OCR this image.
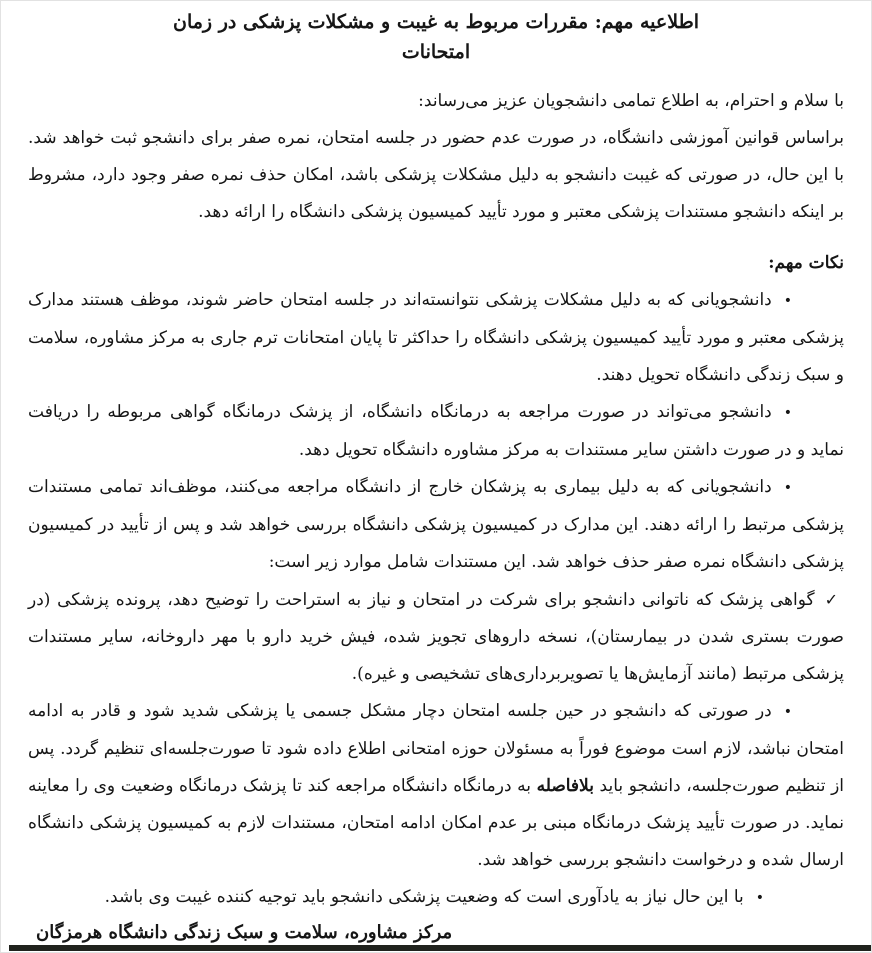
اطلاعیه مهم: مقررات مربوط به غیبت و مشکلات پزشکی در زمان
امتحانات

با سلام و احترام، به اطلاع تمامی دانشجویان عزیز می‌رساند:

براساس قوانین آموزشی دانشگاه، در صورت عدم حضور در جلسه امتحان، نمره صفر برای دانشجو ثبت خواهد شد. با این حال، در صورتی که غیبت دانشجو به دلیل مشکلات پزشکی باشد، امکان حذف نمره صفر وجود دارد، مشروط بر اینکه دانشجو مستندات پزشکی معتبر و مورد تأیید کمیسیون پزشکی دانشگاه را ارائه دهد.

نکات مهم:
•دانشجویانی که به دلیل مشکلات پزشکی نتوانسته‌اند در جلسه امتحان حاضر شوند، موظف هستند مدارک پزشکی معتبر و مورد تأیید کمیسیون پزشکی دانشگاه را حداکثر تا پایان امتحانات ترم جاری به مرکز مشاوره، سلامت و سبک زندگی دانشگاه تحویل دهند.
•دانشجو می‌تواند در صورت مراجعه به درمانگاه دانشگاه، از پزشک درمانگاه گواهی مربوطه را دریافت نماید و در صورت داشتن سایر مستندات به مرکز مشاوره دانشگاه تحویل دهد.
•دانشجویانی که به دلیل بیماری به پزشکان خارج از دانشگاه مراجعه می‌کنند، موظف‌اند تمامی مستندات پزشکی مرتبط را ارائه دهند. این مدارک در کمیسیون پزشکی دانشگاه بررسی خواهد شد و پس از تأیید در کمیسیون پزشکی دانشگاه نمره صفر حذف خواهد شد. این مستندات شامل موارد زیر است:
✓گواهی پزشک که ناتوانی دانشجو برای شرکت در امتحان و نیاز به استراحت را توضیح دهد، پرونده پزشکی (در صورت بستری شدن در بیمارستان)، نسخه داروهای تجویز شده، فیش خرید دارو با مهر داروخانه، سایر مستندات پزشکی مرتبط (مانند آزمایش‌ها یا تصویربرداری‌های تشخیصی و غیره).
•در صورتی که دانشجو در حین جلسه امتحان دچار مشکل جسمی یا پزشکی شدید شود و قادر به ادامه امتحان نباشد، لازم است موضوع فوراً به مسئولان حوزه امتحانی اطلاع داده شود تا صورت‌جلسه‌ای تنظیم گردد. پس از تنظیم صورت‌جلسه، دانشجو باید بلافاصله به درمانگاه دانشگاه مراجعه کند تا پزشک درمانگاه وضعیت وی را معاینه نماید. در صورت تأیید پزشک درمانگاه مبنی بر عدم امکان ادامه امتحان، مستندات لازم به کمیسیون پزشکی دانشگاه ارسال شده و درخواست دانشجو بررسی خواهد شد.
•با این حال نیاز به یادآوری است که وضعیت پزشکی دانشجو باید توجیه کننده غیبت وی باشد.
مرکز مشاوره، سلامت و سبک زندگی دانشگاه هرمزگان
